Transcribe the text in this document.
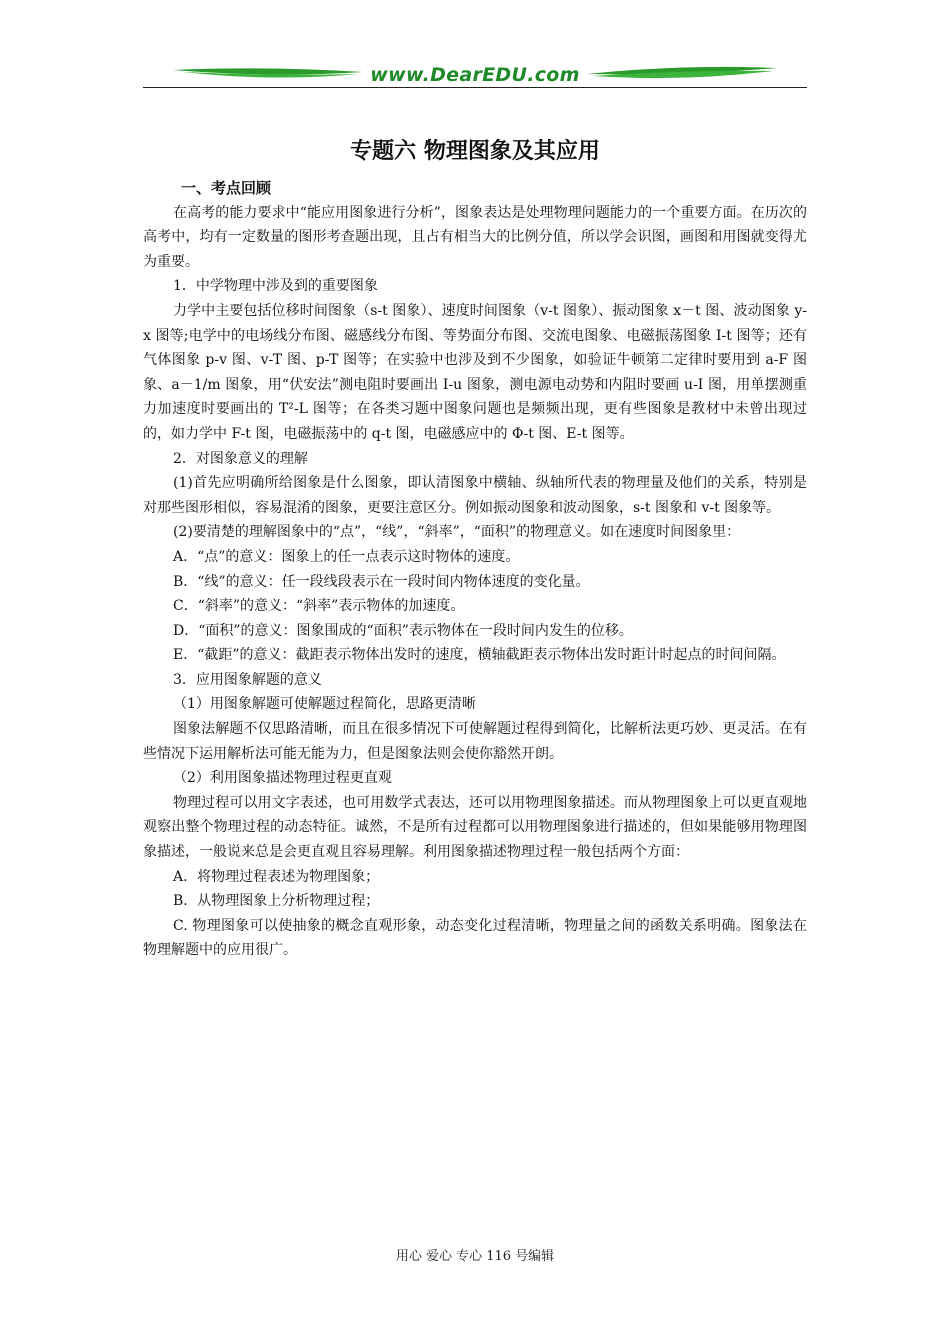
www.DearEDU.com
专题六 物理图象及其应用

一、考点回顾

在高考的能力要求中“能应用图象进行分析”，图象表达是处理物理问题能力的一个重要方面。在历次的高考中，均有一定数量的图形考查题出现，且占有相当大的比例分值，所以学会识图，画图和用图就变得尤为重要。

1．中学物理中涉及到的重要图象

力学中主要包括位移时间图象（s-t 图象）、速度时间图象（v-t 图象）、振动图象 x－t 图、波动图象 y-x 图等;电学中的电场线分布图、磁感线分布图、等势面分布图、交流电图象、电磁振荡图象 I-t 图等；还有气体图象 p-v 图、v-T 图、p-T 图等；在实验中也涉及到不少图象，如验证牛顿第二定律时要用到 a-F 图象、a－1/m 图象，用“伏安法”测电阻时要画出 I-u 图象，测电源电动势和内阻时要画 u-I 图，用单摆测重力加速度时要画出的 T²-L 图等；在各类习题中图象问题也是频频出现，更有些图象是教材中未曾出现过的，如力学中 F-t 图，电磁振荡中的 q-t 图，电磁感应中的 Φ-t 图、E-t 图等。

2．对图象意义的理解

(1)首先应明确所给图象是什么图象，即认清图象中横轴、纵轴所代表的物理量及他们的关系，特别是对那些图形相似，容易混淆的图象，更要注意区分。例如振动图象和波动图象，s-t 图象和 v-t 图象等。

(2)要清楚的理解图象中的“点”，“线”，“斜率”，“面积”的物理意义。如在速度时间图象里：

A．“点”的意义：图象上的任一点表示这时物体的速度。

B．“线”的意义：任一段线段表示在一段时间内物体速度的变化量。

C．“斜率”的意义：“斜率”表示物体的加速度。

D．“面积”的意义：图象围成的“面积”表示物体在一段时间内发生的位移。

E．“截距”的意义：截距表示物体出发时的速度，横轴截距表示物体出发时距计时起点的时间间隔。

3．应用图象解题的意义

（1）用图象解题可使解题过程简化，思路更清晰

图象法解题不仅思路清晰，而且在很多情况下可使解题过程得到简化，比解析法更巧妙、更灵活。在有些情况下运用解析法可能无能为力，但是图象法则会使你豁然开朗。

（2）利用图象描述物理过程更直观

物理过程可以用文字表述，也可用数学式表达，还可以用物理图象描述。而从物理图象上可以更直观地观察出整个物理过程的动态特征。诚然，不是所有过程都可以用物理图象进行描述的，但如果能够用物理图象描述，一般说来总是会更直观且容易理解。利用图象描述物理过程一般包括两个方面：

A．将物理过程表述为物理图象；

B．从物理图象上分析物理过程；

C. 物理图象可以使抽象的概念直观形象，动态变化过程清晰，物理量之间的函数关系明确。图象法在物理解题中的应用很广。

用心 爱心 专心 116 号编辑
